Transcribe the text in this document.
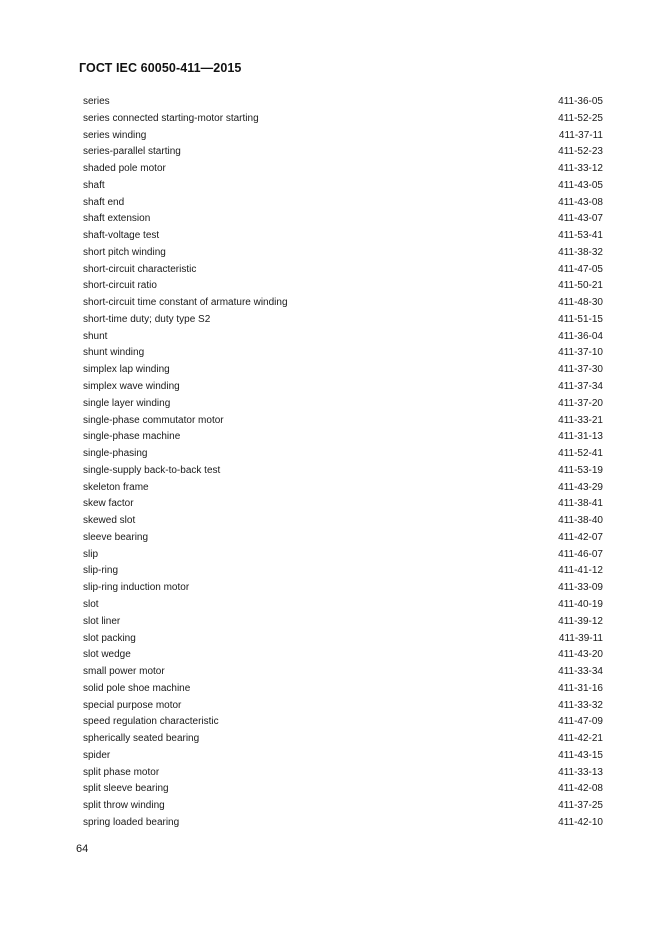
ГОСТ IEC 60050-411—2015
series	411-36-05
series connected starting-motor starting	411-52-25
series winding	411-37-11
series-parallel starting	411-52-23
shaded pole motor	411-33-12
shaft	411-43-05
shaft end	411-43-08
shaft extension	411-43-07
shaft-voltage test	411-53-41
short pitch winding	411-38-32
short-circuit characteristic	411-47-05
short-circuit ratio	411-50-21
short-circuit time constant of armature winding	411-48-30
short-time duty; duty type S2	411-51-15
shunt	411-36-04
shunt winding	411-37-10
simplex lap winding	411-37-30
simplex wave winding	411-37-34
single layer winding	411-37-20
single-phase commutator motor	411-33-21
single-phase machine	411-31-13
single-phasing	411-52-41
single-supply back-to-back test	411-53-19
skeleton frame	411-43-29
skew factor	411-38-41
skewed slot	411-38-40
sleeve bearing	411-42-07
slip	411-46-07
slip-ring	411-41-12
slip-ring induction motor	411-33-09
slot	411-40-19
slot liner	411-39-12
slot packing	411-39-11
slot wedge	411-43-20
small power motor	411-33-34
solid pole shoe machine	411-31-16
special purpose motor	411-33-32
speed regulation characteristic	411-47-09
spherically seated bearing	411-42-21
spider	411-43-15
split phase motor	411-33-13
split sleeve bearing	411-42-08
split throw winding	411-37-25
spring loaded bearing	411-42-10
64
